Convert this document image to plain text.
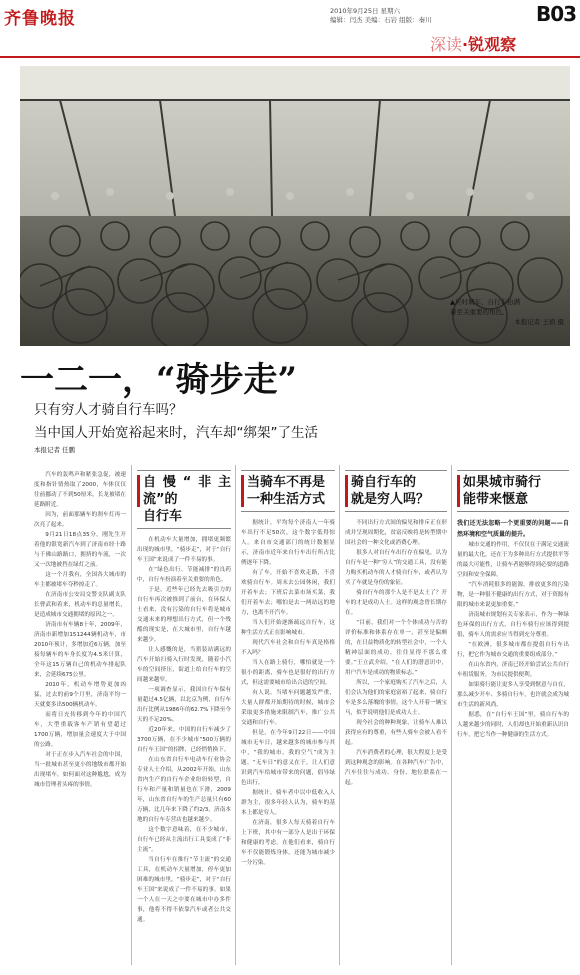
齐鲁晚报	2010年9月25日 星期六
编辑：闫杰 美编：石岩 组版：秦川	B03
深读·锐观察
▲应时城车，自行车抬满
着至关重要的角色。
本报记者 王娟 摄
一二一，“骑步走”
只有穷人才骑自行车吗？
当中国人开始宽裕起来时，汽车却“绑架”了生活
本报记者 任鹏

汽车的轰鸣声和紧张急促，被速度和指针情热取了2000，车体仅仅往前挪动了不到50厘米，长龙被堵在延路附近。

因为，前面那辆车的刹车灯再一次亮了起来。

9月21日18点35分，刚先生开着他的银宽新汽车到了济南市经十路与千佛山路路口，拥挤的车流，一次又一次地被挡在绿灯之前。

这一个月我有，全国各大城市的车主都被堵车夺秒掠走了。

在济南市公安局交警支队副支队长曹武和着来，机动车的总量增长，是造成城市交通拥堵的原因之一。

济南市有车辆8十年，2009年，济南市新增加151244辆机动车，市2010年预计，多增加近6万辆，加至接每辆车的车身长度为4.5米计算，全年这15万辆自己的机动车排起队来，会延续675公里。

2010年，机动车增势更加凶猛，过去的前9个月里，济南平均一天就要多出500辆机动车。

而将日充传移到今年的中国汽车，大型重载客车产销有望超过1700万辆，增加量会速度大于中国的公路。

对于正在步入汽车社会的中国，当一批城市甚至更小的地级市都开始出现堵车，如何面对这种尴尬，成为城市管理者头疼的事情。

自慢“非主流”的
自行车

在机动车大量增加，拥堵更频繁出现的城市里，“骑步走”，对于“自行车王国”来说成了一件不易的事。

在“绿色出行、节能减排”的良药中，自行车扮演着至关重要的角色。

于是，近些年已经先去吸引力的自行车再次被推到了前台，在环保人士看来，没有污染的自行车将是城市交通未来的理想出行方式，但一个残酷的现实是，在大城市里，自行车越来越少。

让人感慨的是，当猎装站满远的汽车开始扫骑入行时发现，随着小汽车的空间挤压，街道上给自行车的空间越来越窄。

一项调查显示，我国自行车保有量超过4.5亿辆，以北京为例，自行车出行比例从1986年的62.7%下降至今天的不足20%。

近20年来，中国的自行车减少了3700万辆，在不少城市“500万辆的自行车王国”的招牌，已经悄悄换下。

在山东省自行车电动车行业协会专业人士介绍，从2002年开始，山东省内生产的自行车企业纷纷转型，自行车和产量和销量也在下滑，2009年，山东省自行车的生产总量只有60万辆，比几年来下降了约2/3。济南本地的自行车专营店也越来越少。

这个数字意味着，在不少城市，自行车已经从主流出行工具变成了“非主流”。

当自行车在推行“节主流”的交通工具，在机动车大量增加，停车更加困难的城市里，“骑步走”，对于“自行车王国”来说成了一件不易的事。如果一个人在一天之中要在城市中办多件事，他将不得不依靠汽车或者公共交通。

当骑车不再是
一种生活方式

据统计，平均每个济南人一年骑车出行不足50次，这个数字低得惊人。来自市交通部门的统计数据显示，济南市近年来自行车出行所占比例逐年下降。

有了车，开始不喜欢走路，不喜欢骑自行车。周末去公园休闲，我们开着车去；下班后去菜市场买菜，我们开着车去；哪怕是去一两站远的地方，也离不开汽车。

当人们开始逐渐疏远自行车，这种生活方式正在影响城市。

现代汽车社会和自行车真是格格不入吗？

当人在路上骑行，哪怕就是一个很小的距离，骑车也是很好的出行方式，但这需要城市给出合适的空间。

有人说，当堵车问题越发严重，大量人群都开始期待的时候，城市会采取更多措施来限制汽车，推广公共交通和自行车。

但是，在今年9月22日——中国城市无车日，越来越多的城市参与其中，“我的城市，我的空气”成为主题。“无车日”的意义在于，让人们意识到汽车给城市带来的问题，倡导绿色出行。

据统计，骑车者中以中低收入人群为主，很多年轻人认为，骑车的基本上都是穷人。

在济南，很多人每天骑着自行车上下班，其中有一部分人是出于环保和健康的考虑。在他们看来，骑自行车不仅能锻炼身体，还能为城市减少一分污染。

骑自行车的
就是穷人吗？

不同出行方式间的偏见和排斥正在形成并呈现周期化，贫富反映将是转型期中国社会的一种文化或消费心理。

很多人对自行车出行存在偏见，认为自行车是一种“穷人”的交通工具，没有能力购买机动车的人才骑自行车，或者认为买了车就是身份的象征。

骑自行车的那个人是不是太土了？开车的才是成功人士。这样的观念曾长期存在。

“目前，我们对一个个体成功与否的评价标准和体系存在单一，甚至是偏颇的，在日益物质化的转型社会中，一个人精神层面的成功，往往显得不那么重要。”王立武介绍，“在人们的潜意识中，用户汽车是成功的物质标志。”

所以，一个家庭购买了汽车之后，人们会认为他们的家庭富裕了起来，骑自行车是多么落魄的事情。这个人开着一辆宝马，似乎说明他们是成功人士。

现今社会的种种现象，让骑车人难以获得应有的尊重，有些人骑车会被人看不起。

汽车消费者的心理，很大程度上是受到这种观念的影响。在各种汽车广告中，汽车往往与成功、身份、地位联系在一起。

如果城市骑行
能带来惬意

我们还无法忽略一个更重要的问题——自然环境和空气质量的提升。

城市交通的作用，不仅仅在于满足交通流量的最大化，还在于为多种出行方式提供平等的最大可能性，让骑车者能够得到必要的道路空间和安全保障。

“汽车消耗很多的能源，排放更多的污染物，是一种很不健康的出行方式，对于资源有限的城市来说更加重要。”

济南城市规划有关专家表示，作为一种绿色环保的出行方式，自行车骑行应该得到提倡，骑车人的需求应当得到充分尊重。

“在欧洲，很多城市都在提倡自行车出行，把它作为城市交通的重要组成部分。”

在山东省内，济南已经开始尝试公共自行车租赁服务，为市民提供便利。

如果骑行能让更多人享受到惬意与自在，那么减少开车、多骑自行车，也许就会成为城市生活的新风尚。

据悉，在“自行车王国”里，骑自行车的人越来越少的同时，人们却也开始重新认识自行车，把它当作一种健康的生活方式。
